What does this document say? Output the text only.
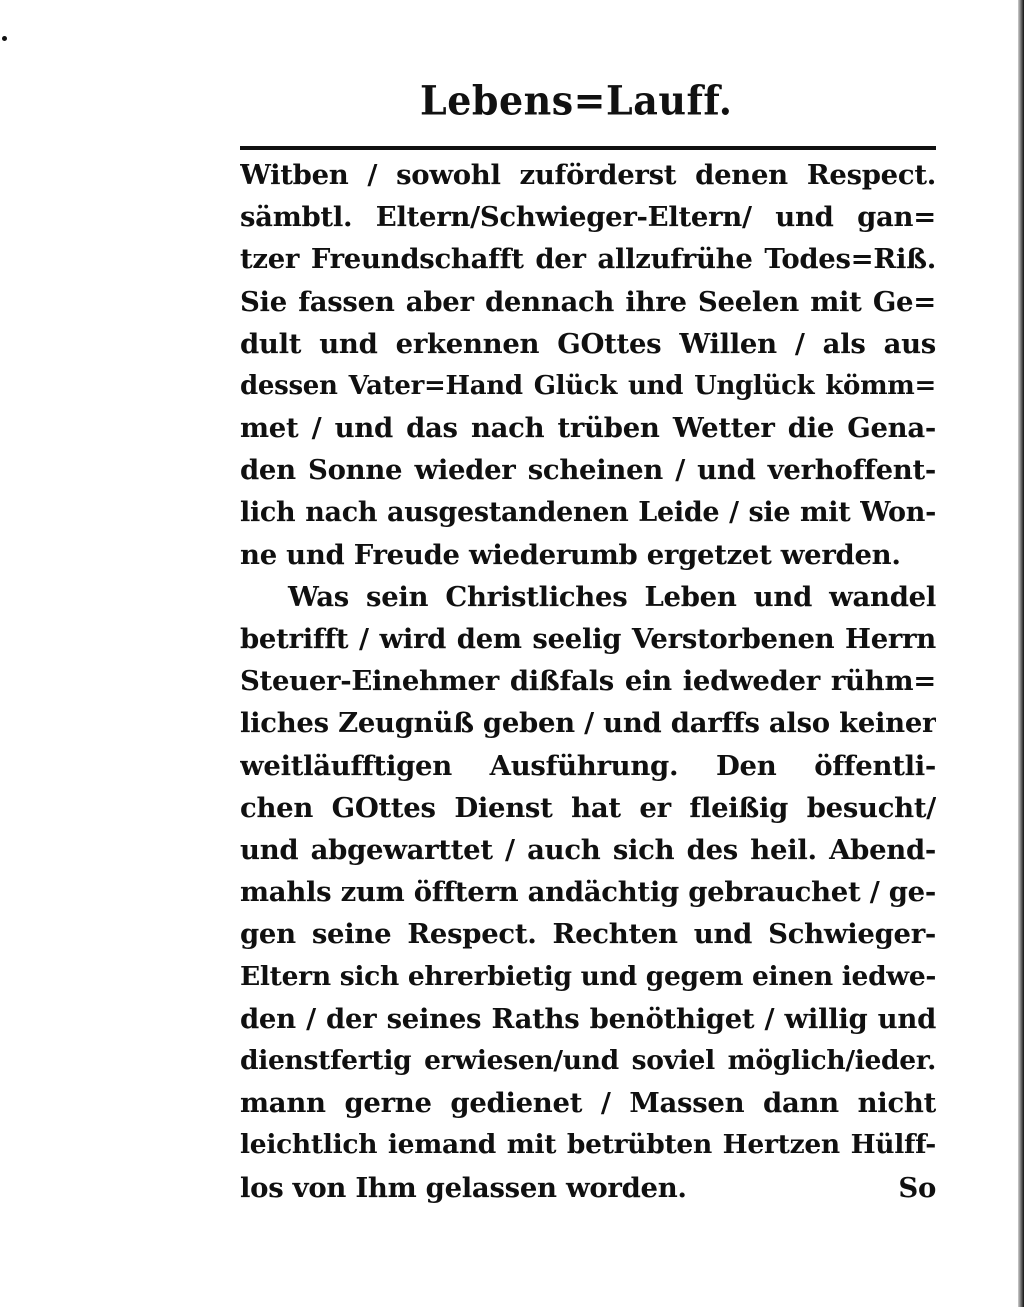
Lebens=Lauff.
Witben / sowohl zuförderst denen Respect.
sämbtl. Eltern/Schwieger-Eltern/ und gan=
tzer Freundschafft der allzufrühe Todes=Riß.
Sie fassen aber dennach ihre Seelen mit Ge=
dult und erkennen GOttes Willen / als aus
dessen Vater=Hand Glück und Unglück kömm=
met / und das nach trüben Wetter die Gena-
den Sonne wieder scheinen / und verhoffent-
lich nach ausgestandenen Leide / sie mit Won-
ne und Freude wiederumb ergetzet werden.
Was sein Christliches Leben und wandel
betrifft / wird dem seelig Verstorbenen Herrn
Steuer-Einehmer dißfals ein iedweder rühm=
liches Zeugnüß geben / und darffs also keiner
weitläufftigen Ausführung. Den öffentli-
chen GOttes Dienst hat er fleißig besucht/
und abgewarttet / auch sich des heil. Abend-
mahls zum öfftern andächtig gebrauchet / ge-
gen seine Respect. Rechten und Schwieger-
Eltern sich ehrerbietig und gegem einen iedwe-
den / der seines Raths benöthiget / willig und
dienstfertig erwiesen/und soviel möglich/ieder.
mann gerne gedienet / Massen dann nicht
leichtlich iemand mit betrübten Hertzen Hülff-
los von Ihm gelassen worden.	So
